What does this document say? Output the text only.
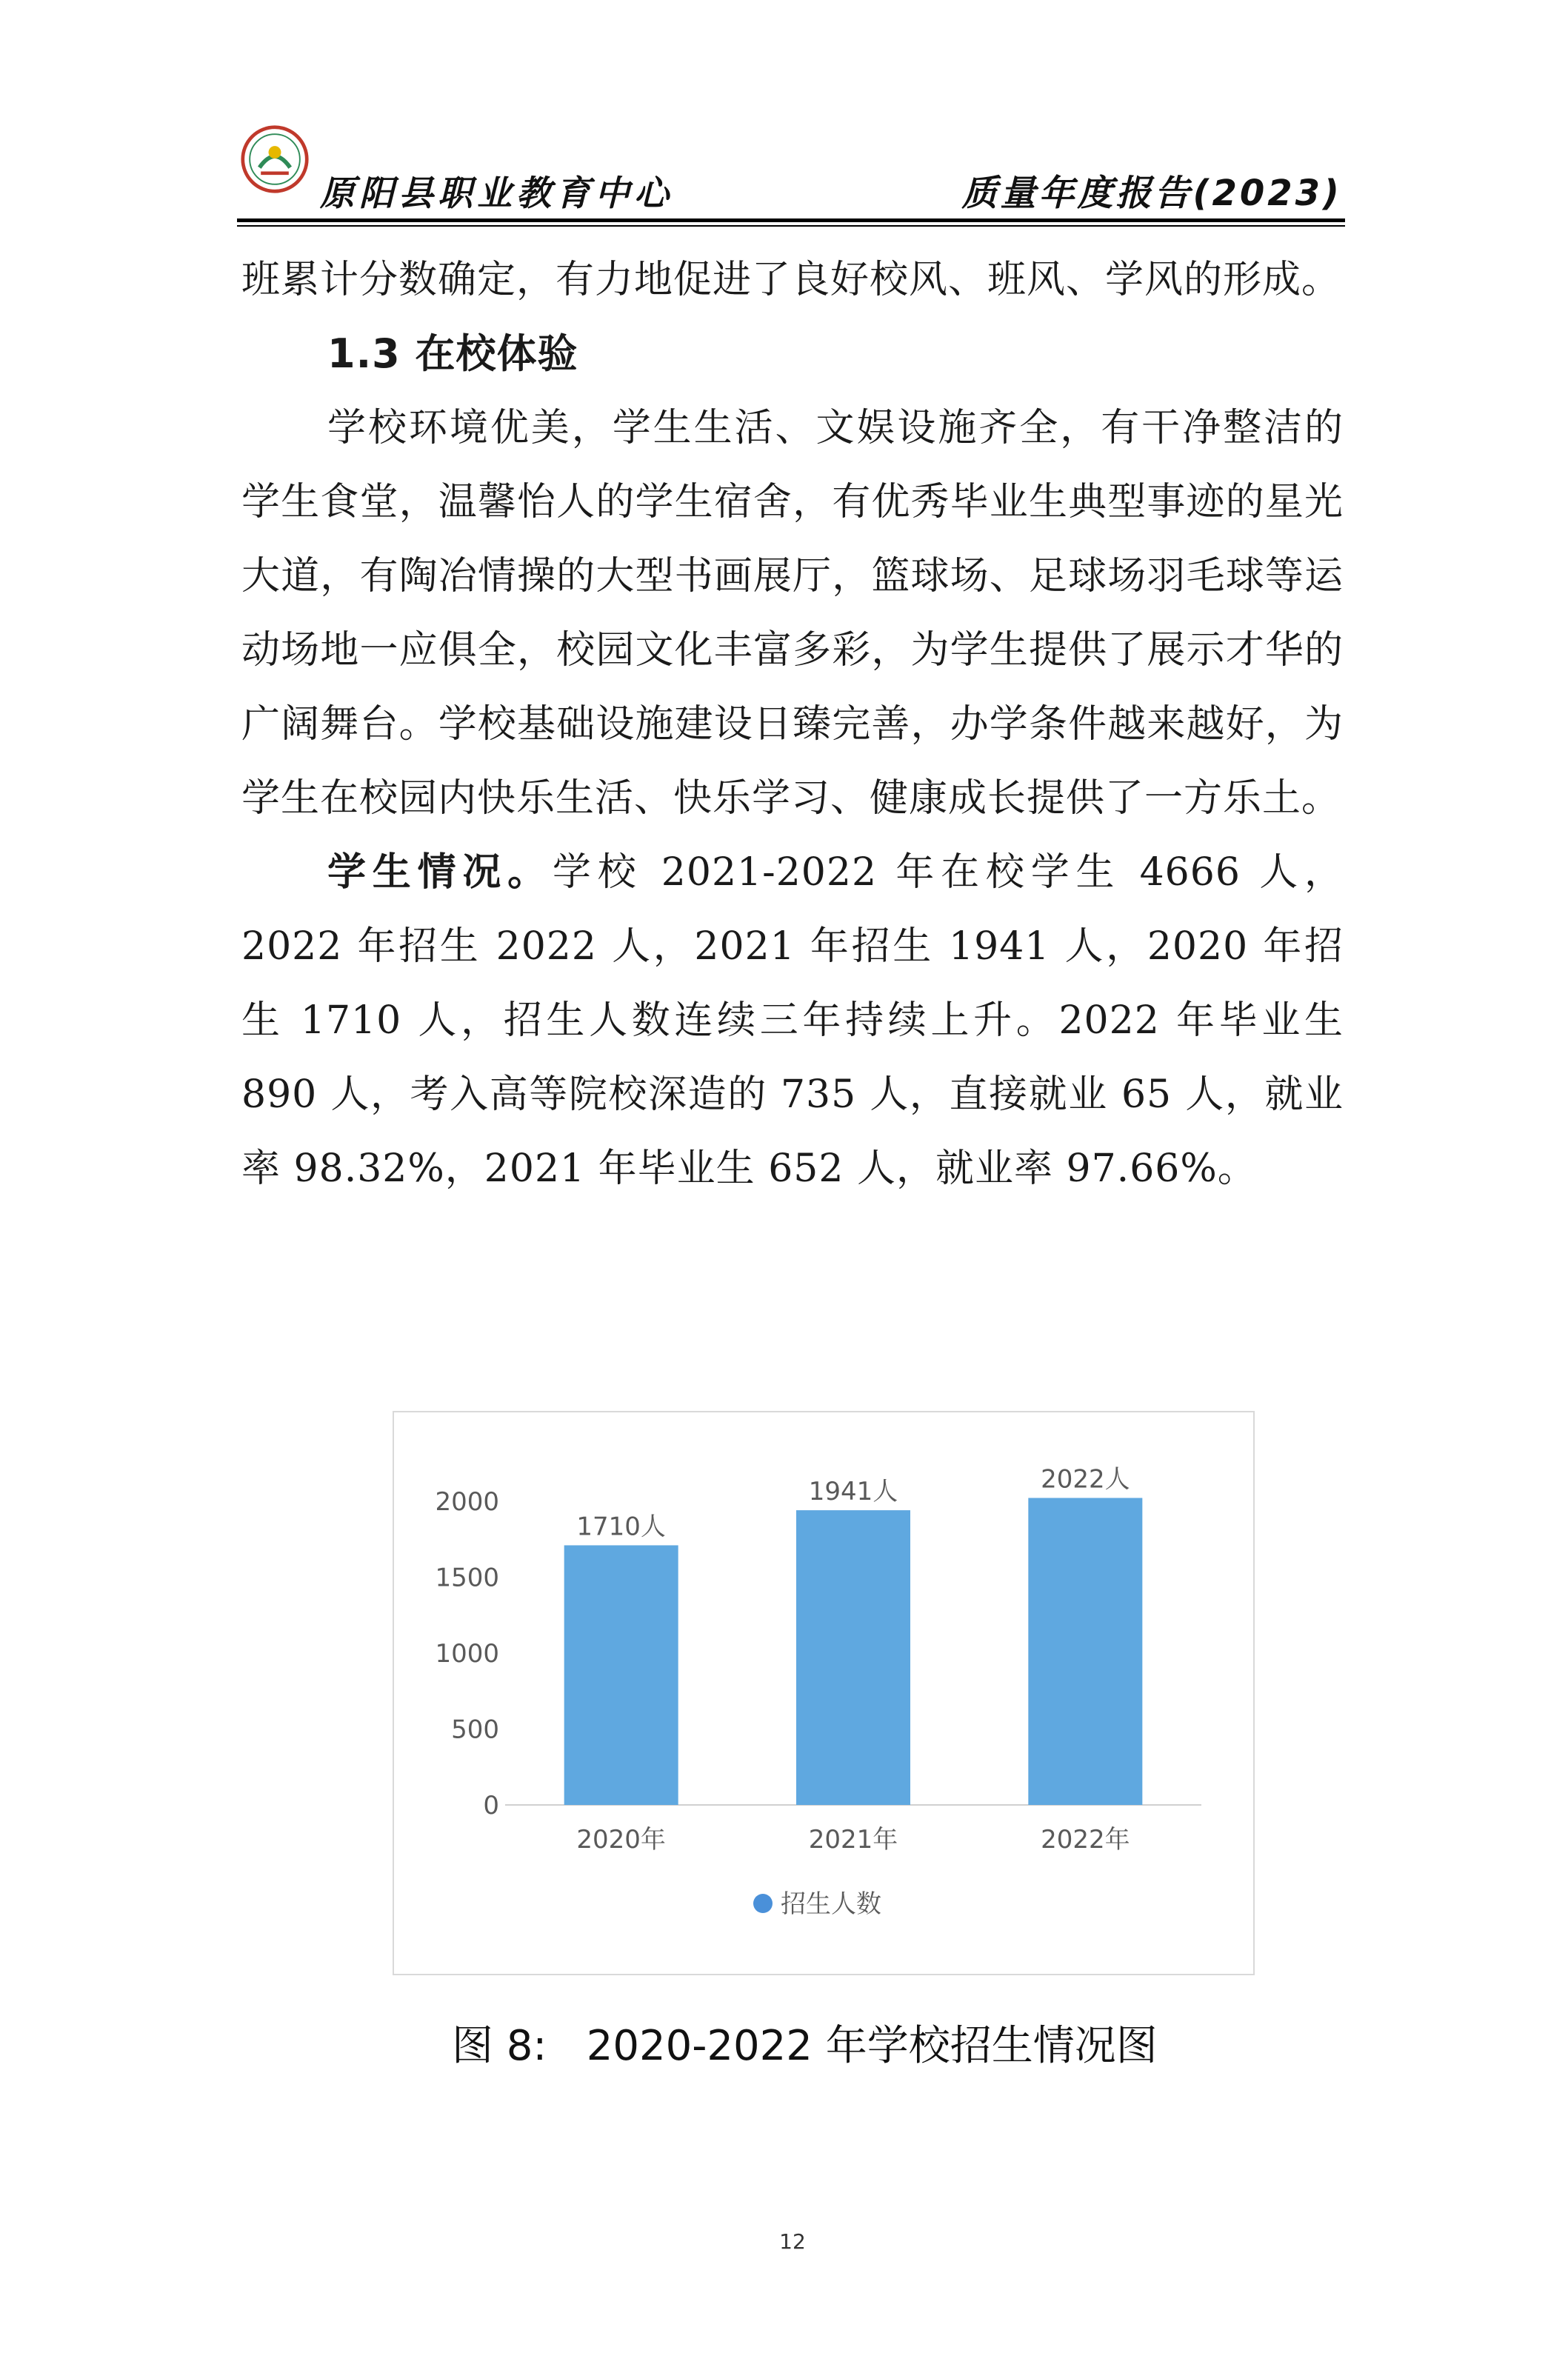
原阳县职业教育中心	质量年度报告(2023)

班累计分数确定，有力地促进了良好校风、班风、学风的形成。

1.3 在校体验

学校环境优美，学生生活、文娱设施齐全，有干净整洁的学生食堂，温馨怡人的学生宿舍，有优秀毕业生典型事迹的星光大道，有陶冶情操的大型书画展厅，篮球场、足球场羽毛球等运动场地一应俱全，校园文化丰富多彩，为学生提供了展示才华的广阔舞台。学校基础设施建设日臻完善，办学条件越来越好，为学生在校园内快乐生活、快乐学习、健康成长提供了一方乐土。

学生情况。学校 2021-2022 年在校学生 4666 人，2022 年招生 2022 人，2021 年招生 1941 人，2020 年招生 1710 人，招生人数连续三年持续上升。2022 年毕业生 890 人，考入高等院校深造的 735 人，直接就业 65 人，就业率 98.32%，2021 年毕业生 652 人，就业率 97.66%。

0
500
1000
1500
2000
1710人
2020年
1941人
2021年
2022人
2022年
招生人数
图 8:   2020-2022 年学校招生情况图
12
